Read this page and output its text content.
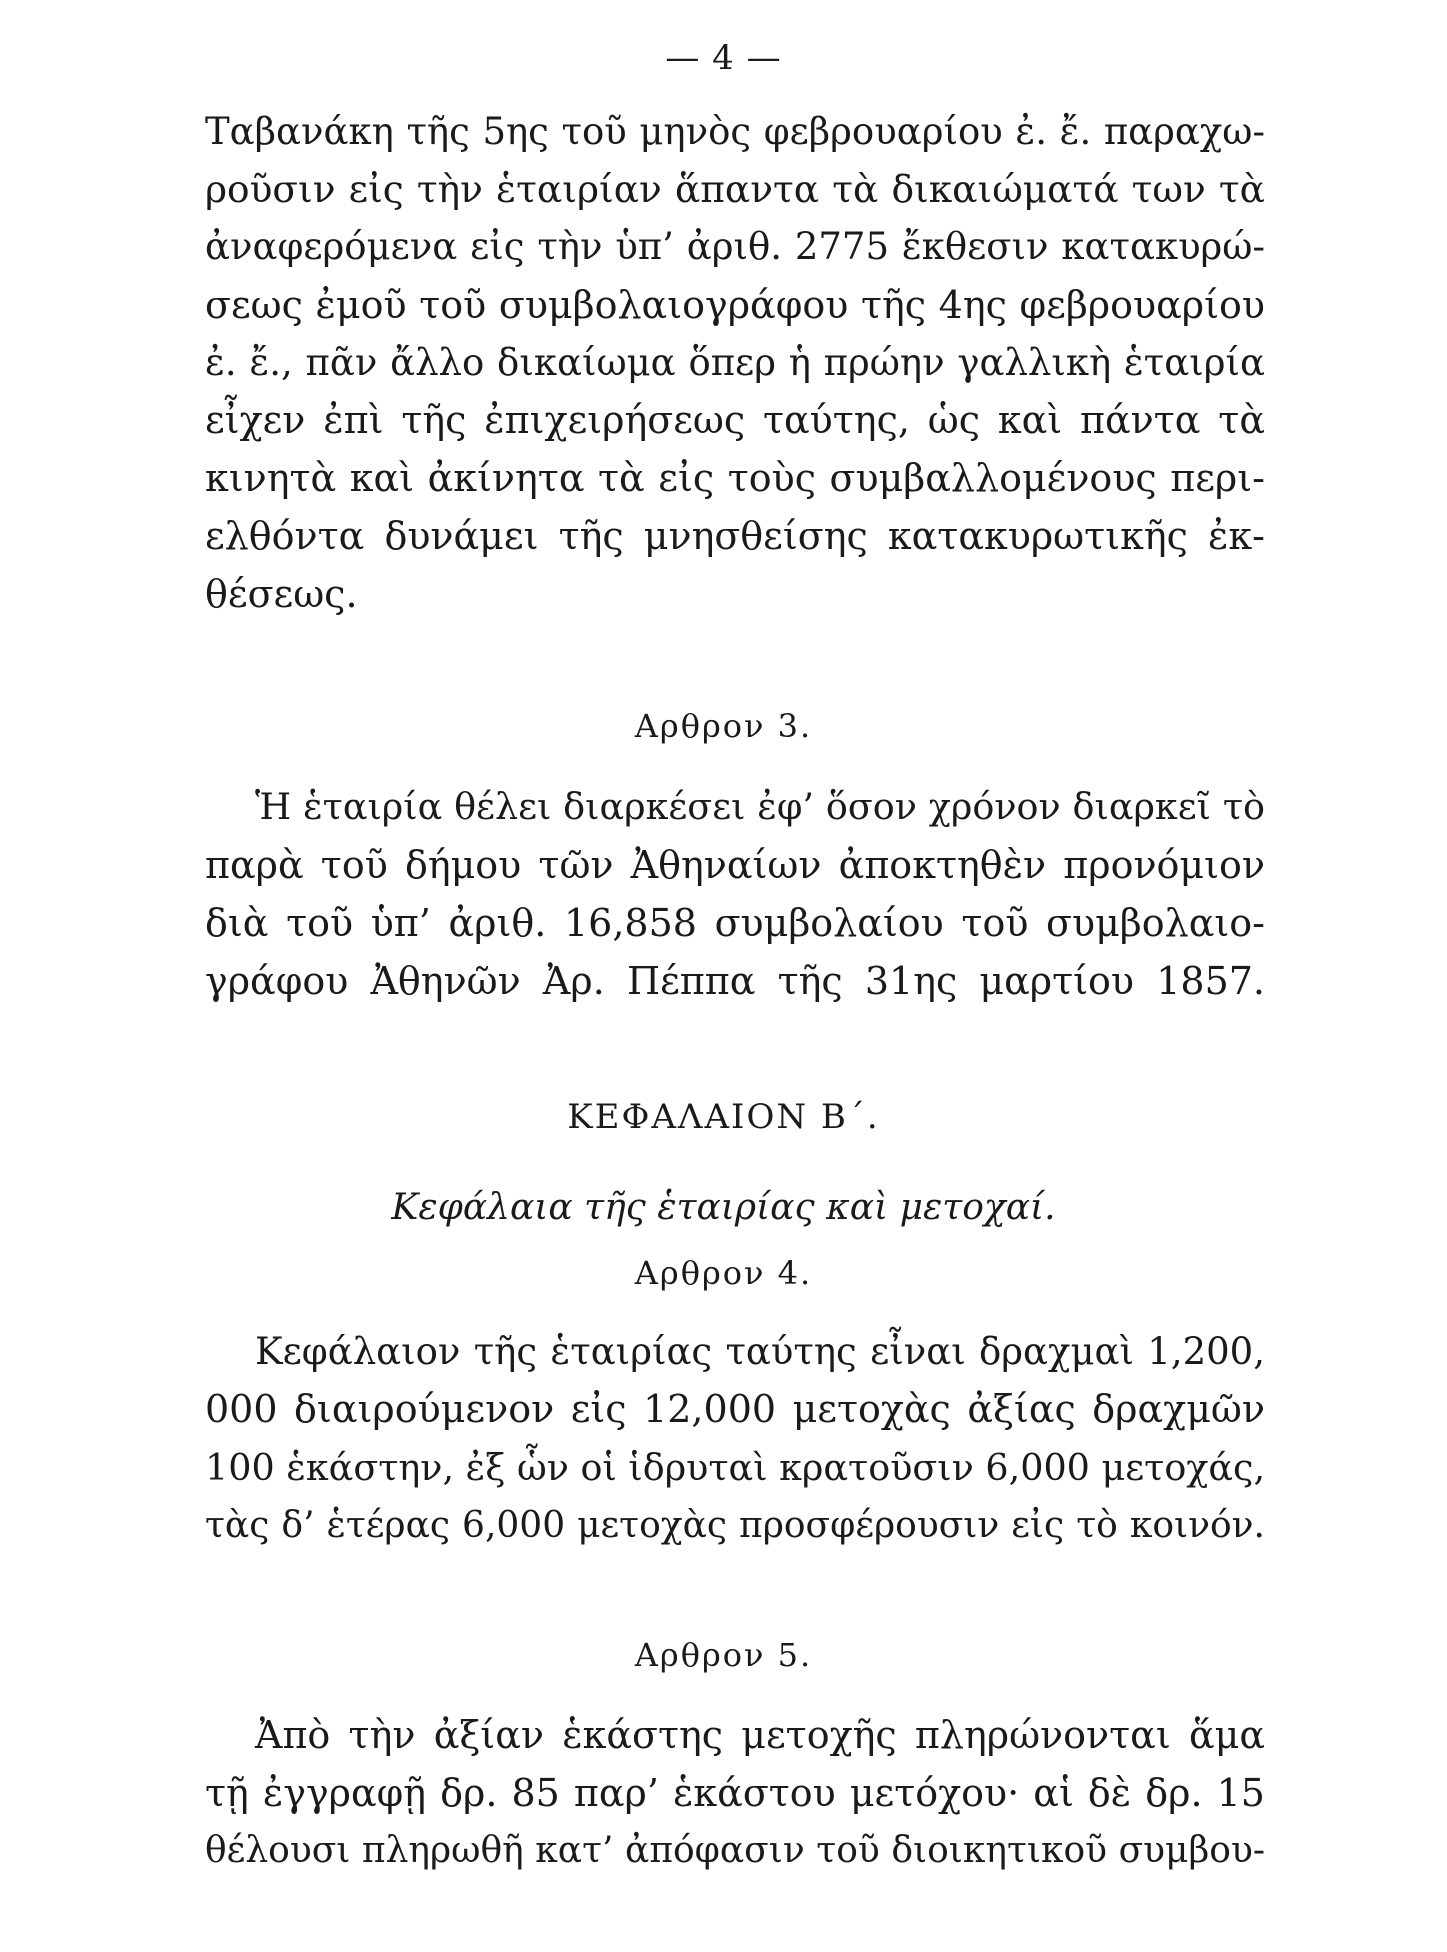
— 4 —
Ταβανάκη τῆς 5ης τοῦ μηνὸς φεβρουαρίου ἐ. ἔ. παραχω-
ροῦσιν εἰς τὴν ἑταιρίαν ἅπαντα τὰ δικαιώματά των τὰ
ἀναφερόμενα εἰς τὴν ὑπ’ ἀριθ. 2775 ἔκθεσιν κατακυρώ-
σεως ἐμοῦ τοῦ συμβολαιογράφου τῆς 4ης φεβρουαρίου
ἐ. ἔ., πᾶν ἄλλο δικαίωμα ὅπερ ἡ πρώην γαλλικὴ ἑταιρία
εἶχεν ἐπὶ τῆς ἐπιχειρήσεως ταύτης, ὡς καὶ πάντα τὰ
κινητὰ καὶ ἀκίνητα τὰ εἰς τοὺς συμβαλλομένους περι-
ελθόντα δυνάμει τῆς μνησθείσης κατακυρωτικῆς ἐκ-
θέσεως.
Αρθρον 3.
Ἡ ἑταιρία θέλει διαρκέσει ἐφ’ ὅσον χρόνον διαρκεῖ τὸ
παρὰ τοῦ δήμου τῶν Ἀθηναίων ἀποκτηθὲν προνόμιον
διὰ τοῦ ὑπ’ ἀριθ. 16,858 συμβολαίου τοῦ συμβολαιο-
γράφου Ἀθηνῶν Ἀρ. Πέππα τῆς 31ης μαρτίου 1857.
ΚΕΦΑΛΑΙΟΝ Β΄.
Κεφάλαια τῆς ἑταιρίας καὶ μετοχαί.
Αρθρον 4.
Κεφάλαιον τῆς ἑταιρίας ταύτης εἶναι δραχμαὶ 1,200,
000 διαιρούμενον εἰς 12,000 μετοχὰς ἀξίας δραχμῶν
100 ἑκάστην, ἐξ ὧν οἱ ἱδρυταὶ κρατοῦσιν 6,000 μετοχάς,
τὰς δ’ ἑτέρας 6,000 μετοχὰς προσφέρουσιν εἰς τὸ κοινόν.
Αρθρον 5.
Ἀπὸ τὴν ἀξίαν ἑκάστης μετοχῆς πληρώνονται ἅμα
τῇ ἐγγραφῇ δρ. 85 παρ’ ἑκάστου μετόχου· αἱ δὲ δρ. 15
θέλουσι πληρωθῆ κατ’ ἀπόφασιν τοῦ διοικητικοῦ συμβου-
